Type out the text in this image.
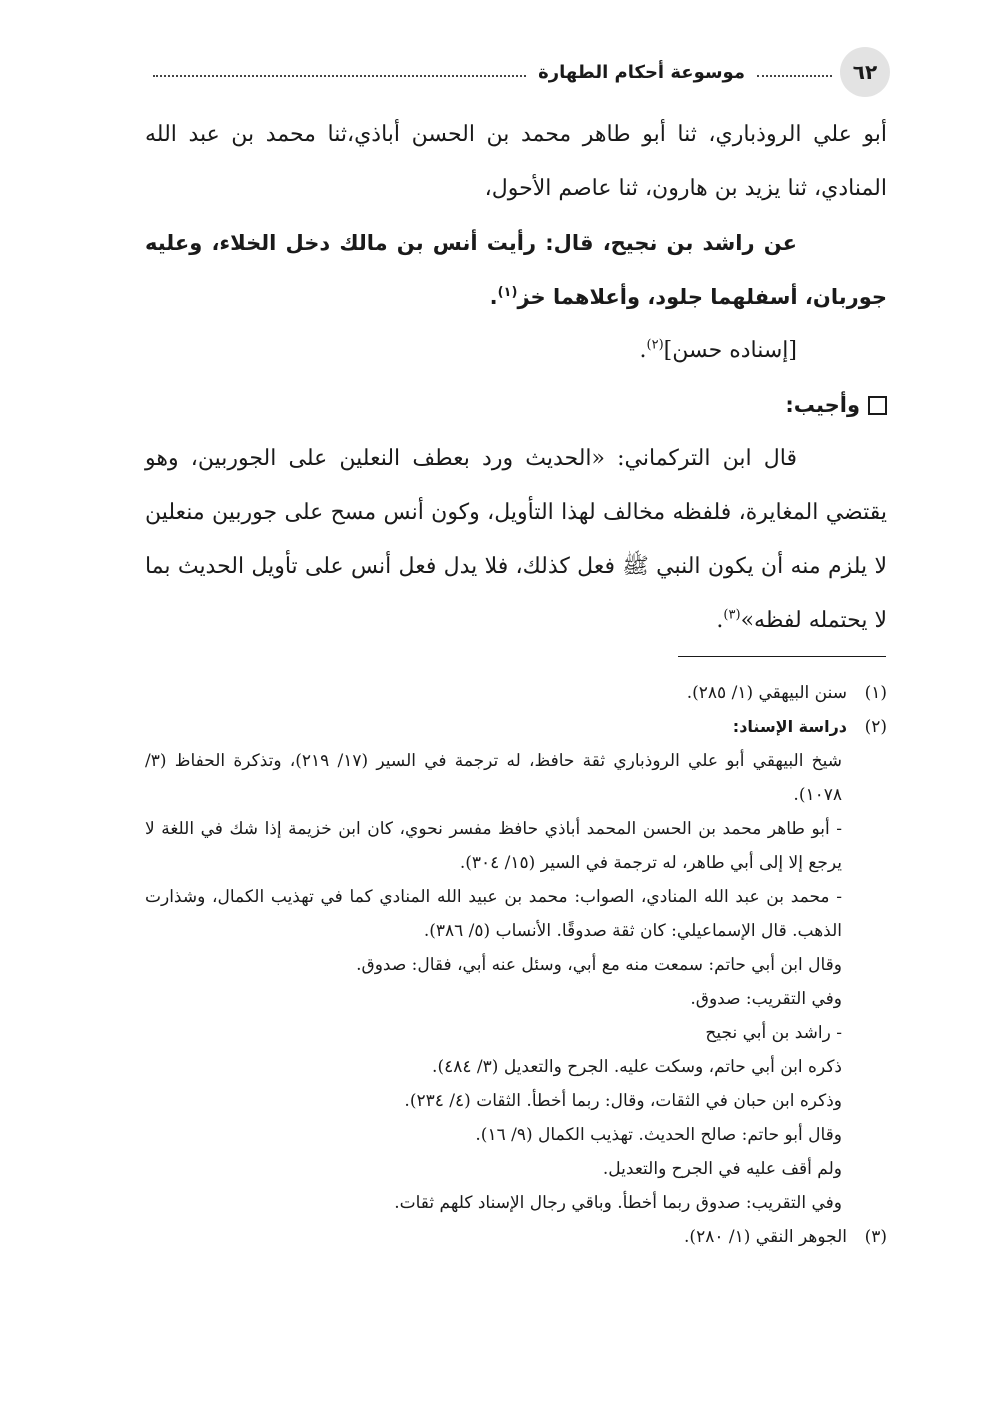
٦٢
موسوعة أحكام الطهارة

أبو علي الروذباري، ثنا أبو طاهر محمد بن الحسن أباذي،ثنا محمد بن عبد الله المنادي، ثنا يزيد بن هارون، ثنا عاصم الأحول،

عن راشد بن نجيح، قال: رأيت أنس بن مالك دخل الخلاء، وعليه جوربان، أسفلهما جلود، وأعلاهما خز$^{(١)}$.

[إسناده حسن]$^{(٢)}$.

وأجيب:

قال ابن التركماني: «الحديث ورد بعطف النعلين على الجوربين، وهو يقتضي المغايرة، فلفظه مخالف لهذا التأويل، وكون أنس مسح على جوربين منعلين لا يلزم منه أن يكون النبي ﷺ فعل كذلك، فلا يدل فعل أنس على تأويل الحديث بما لا يحتمله لفظه»$^{(٣)}$.

(١)
سنن البيهقي (١/ ٢٨٥).
(٢)
دراسة الإسناد:

شيخ البيهقي أبو علي الروذباري ثقة حافظ، له ترجمة في السير (١٧/ ٢١٩)، وتذكرة الحفاظ (٣/ ١٠٧٨).

- أبو طاهر محمد بن الحسن المحمد أباذي حافظ مفسر نحوي، كان ابن خزيمة إذا شك في اللغة لا يرجع إلا إلى أبي طاهر، له ترجمة في السير (١٥/ ٣٠٤).

- محمد بن عبد الله المنادي، الصواب: محمد بن عبيد الله المنادي كما في تهذيب الكمال، وشذارت الذهب. قال الإسماعيلي: كان ثقة صدوقًا. الأنساب (٥/ ٣٨٦).

وقال ابن أبي حاتم: سمعت منه مع أبي، وسئل عنه أبي، فقال: صدوق.

وفي التقريب: صدوق.

- راشد بن أبي نجيح

ذكره ابن أبي حاتم، وسكت عليه. الجرح والتعديل (٣/ ٤٨٤).

وذكره ابن حبان في الثقات، وقال: ربما أخطأ. الثقات (٤/ ٢٣٤).

وقال أبو حاتم: صالح الحديث. تهذيب الكمال (٩/ ١٦).

ولم أقف عليه في الجرح والتعديل.

وفي التقريب: صدوق ربما أخطأ. وباقي رجال الإسناد كلهم ثقات.

(٣)
الجوهر النقي (١/ ٢٨٠).
